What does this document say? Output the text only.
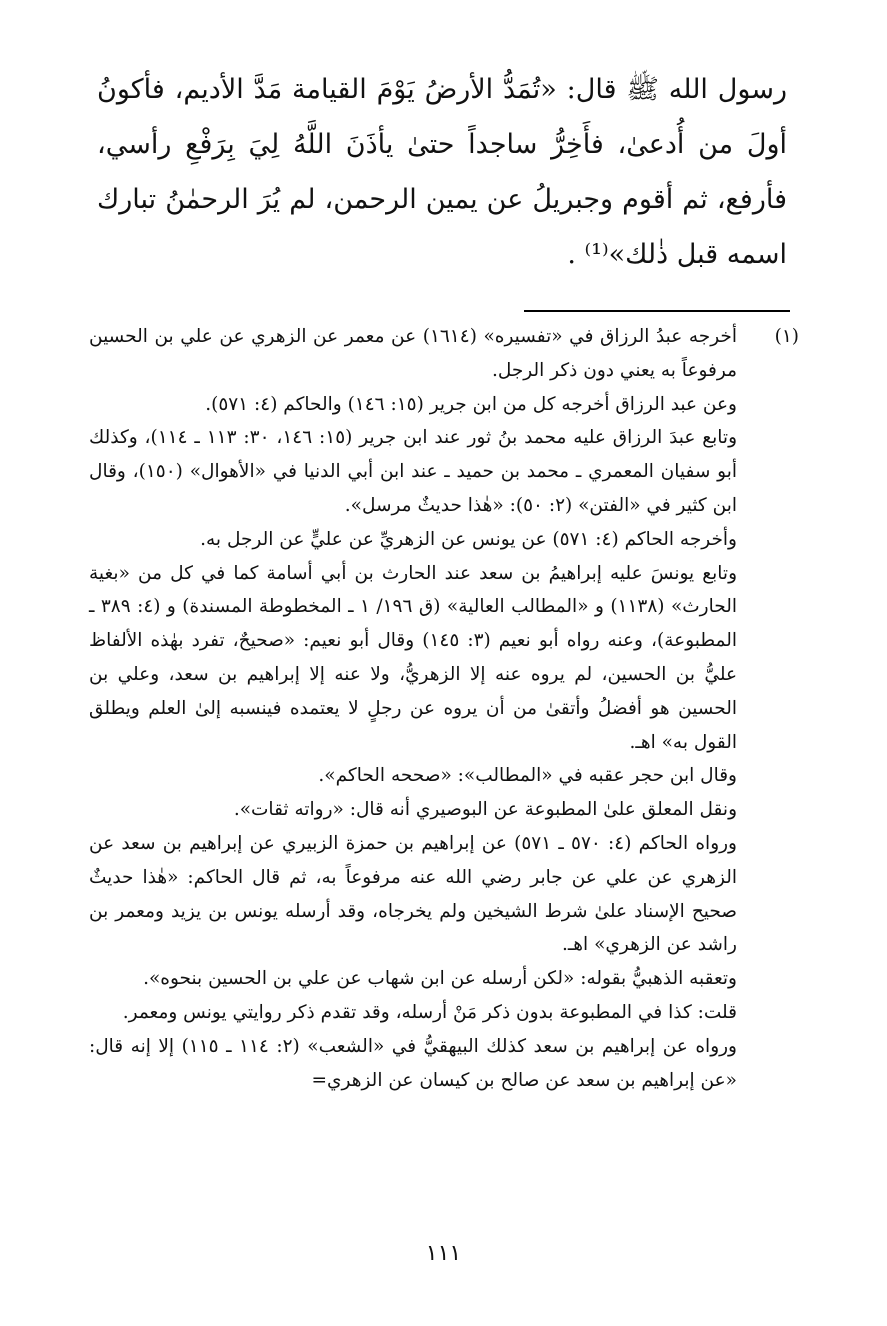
رسول الله ﷺ قال: «تُمَدُّ الأرضُ يَوْمَ القيامة مَدَّ الأديم، فأكونُ أولَ من أُدعىٰ، فأَخِرُّ ساجداً حتىٰ يأذَنَ اللَّهُ لِيَ بِرَفْعِ رأسي، فأرفع، ثم أقوم وجبريلُ عن يمين الرحمن، لم يُرَ الرحمٰنُ تبارك اسمه قبل ذٰلك»⁽¹⁾ .

(١)

أخرجه عبدُ الرزاق في «تفسيره» (١٦١٤) عن معمر عن الزهري عن علي بن الحسين مرفوعاً به يعني دون ذكر الرجل.

وعن عبد الرزاق أخرجه كل من ابن جرير (١٥: ١٤٦) والحاكم (٤: ٥٧١).

وتابع عبدَ الرزاق عليه محمد بنُ ثور عند ابن جرير (١٥: ١٤٦، ٣٠: ١١٣ ـ ١١٤)، وكذلك أبو سفيان المعمري ـ محمد بن حميد ـ عند ابن أبي الدنيا في «الأهوال» (١٥٠)، وقال ابن كثير في «الفتن» (٢: ٥٠): «هٰذا حديثٌ مرسل».

وأخرجه الحاكم (٤: ٥٧١) عن يونس عن الزهريِّ عن عليٍّ عن الرجل به.

وتابع يونسَ عليه إبراهيمُ بن سعد عند الحارث بن أبي أسامة كما في كل من «بغية الحارث» (١١٣٨) و «المطالب العالية» (ق ١٩٦/ ١ ـ المخطوطة المسندة) و (٤: ٣٨٩ ـ المطبوعة)، وعنه رواه أبو نعيم (٣: ١٤٥) وقال أبو نعيم: «صحيحٌ، تفرد بهٰذه الألفاظ عليُّ بن الحسين، لم يروه عنه إلا الزهريُّ، ولا عنه إلا إبراهيم بن سعد، وعلي بن الحسين هو أفضلُ وأتقىٰ من أن يروه عن رجلٍ لا يعتمده فينسبه إلىٰ العلم ويطلق القول به» اهـ.

وقال ابن حجر عقبه في «المطالب»: «صححه الحاكم».

ونقل المعلق علىٰ المطبوعة عن البوصيري أنه قال: «رواته ثقات».

ورواه الحاكم (٤: ٥٧٠ ـ ٥٧١) عن إبراهيم بن حمزة الزبيري عن إبراهيم بن سعد عن الزهري عن علي عن جابر رضي الله عنه مرفوعاً به، ثم قال الحاكم: «هٰذا حديثٌ صحيح الإسناد علىٰ شرط الشيخين ولم يخرجاه، وقد أرسله يونس بن يزيد ومعمر بن راشد عن الزهري» اهـ.

وتعقبه الذهبيُّ بقوله: «لكن أرسله عن ابن شهاب عن علي بن الحسين بنحوه».

قلت: كذا في المطبوعة بدون ذكر مَنْ أرسله، وقد تقدم ذكر روايتي يونس ومعمر.

ورواه عن إبراهيم بن سعد كذلك البيهقيُّ في «الشعب» (٢: ١١٤ ـ ١١٥) إلا إنه قال: «عن إبراهيم بن سعد عن صالح بن كيسان عن الزهري=

١١١
